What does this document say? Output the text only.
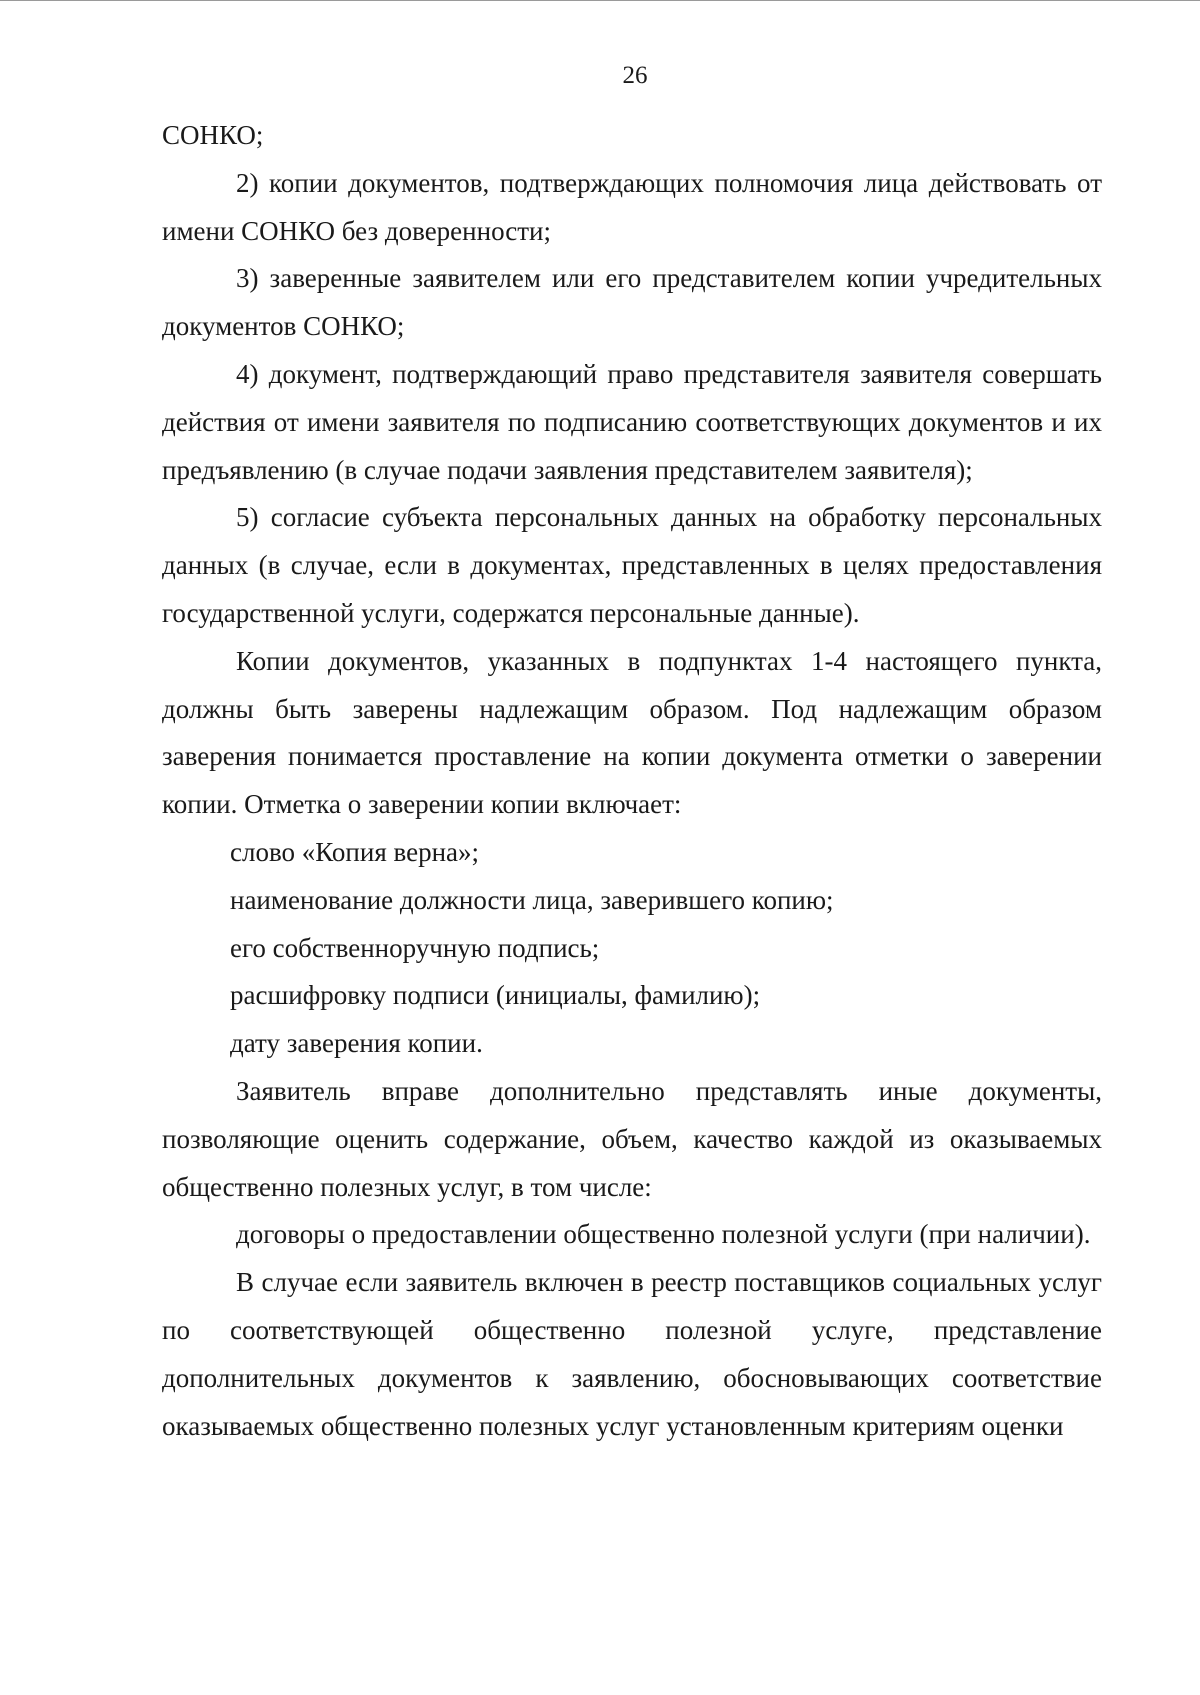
26

СОНКО;

2) копии документов, подтверждающих полномочия лица действовать от имени СОНКО без доверенности;

3) заверенные заявителем или его представителем копии учредительных документов СОНКО;

4) документ, подтверждающий право представителя заявителя совершать действия от имени заявителя по подписанию соответствующих документов и их предъявлению (в случае подачи заявления представителем заявителя);

5) согласие субъекта персональных данных на обработку персональных данных (в случае, если в документах, представленных в целях предоставления государственной услуги, содержатся персональные данные).

Копии документов, указанных в подпунктах 1-4 настоящего пункта, должны быть заверены надлежащим образом. Под надлежащим образом заверения понимается проставление на копии документа отметки о заверении копии. Отметка о заверении копии включает:

слово «Копия верна»;

наименование должности лица, заверившего копию;

его собственноручную подпись;

расшифровку подписи (инициалы, фамилию);

дату заверения копии.

Заявитель вправе дополнительно представлять иные документы, позволяющие оценить содержание, объем, качество каждой из оказываемых общественно полезных услуг, в том числе:

договоры о предоставлении общественно полезной услуги (при наличии).

В случае если заявитель включен в реестр поставщиков социальных услуг по соответствующей общественно полезной услуге, представление дополнительных документов к заявлению, обосновывающих соответствие оказываемых общественно полезных услуг установленным критериям оценки
